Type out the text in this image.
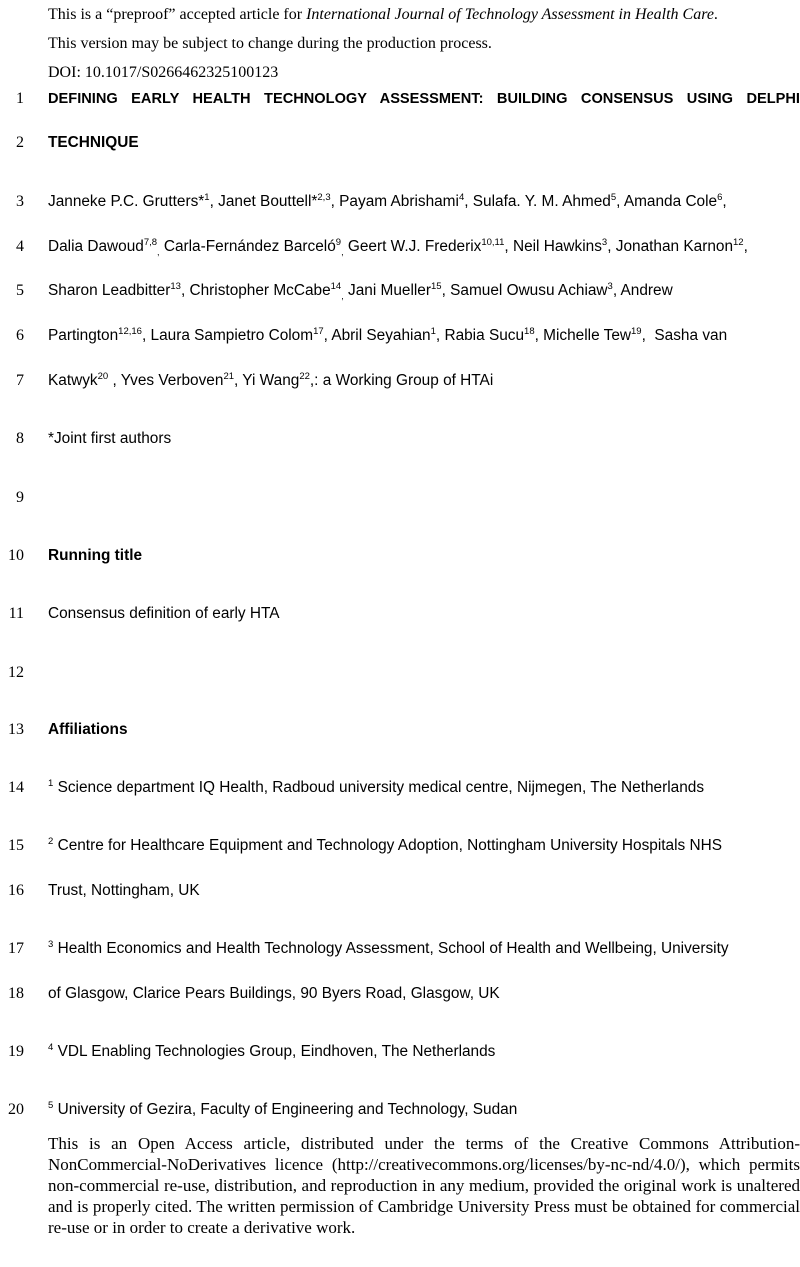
This is a “preproof” accepted article for International Journal of Technology Assessment in Health Care.
This version may be subject to change during the production process.
DOI: 10.1017/S0266462325100123
1 DEFINING EARLY HEALTH TECHNOLOGY ASSESSMENT: BUILDING CONSENSUS USING DELPHI
2 TECHNIQUE
3 Janneke P.C. Grutters*$^1$, Janet Bouttell*$^{2,3}$, Payam Abrishami$^4$, Sulafa. Y. M. Ahmed$^5$, Amanda Cole$^6$,
4 Dalia Dawoud$^{7,8}_,$ Carla-Fernández Barceló$^9_,$ Geert W.J. Frederix$^{10,11}$, Neil Hawkins$^3$, Jonathan Karnon$^{12}$,
5 Sharon Leadbitter$^{13}$, Christopher McCabe$^{14}_,$ Jani Mueller$^{15}$, Samuel Owusu Achiaw$^3$, Andrew
6 Partington$^{12,16}$, Laura Sampietro Colom$^{17}$, Abril Seyahian$^1$, Rabia Sucu$^{18}$, Michelle Tew$^{19}$,  Sasha van
7 Katwyk$^{20}$ , Yves Verboven$^{21}$, Yi Wang$^{22}$,: a Working Group of HTAi
8 *Joint first authors
9
10 Running title
11 Consensus definition of early HTA
12
13 Affiliations
14	$^1$ Science department IQ Health, Radboud university medical centre, Nijmegen, The Netherlands
15	$^2$ Centre for Healthcare Equipment and Technology Adoption, Nottingham University Hospitals NHS
16 Trust, Nottingham, UK
17	$^3$ Health Economics and Health Technology Assessment, School of Health and Wellbeing, University
18 of Glasgow, Clarice Pears Buildings, 90 Byers Road, Glasgow, UK
19	$^4$ VDL Enabling Technologies Group, Eindhoven, The Netherlands
20	$^5$ University of Gezira, Faculty of Engineering and Technology, Sudan
This is an Open Access article, distributed under the terms of the Creative Commons Attribution-NonCommercial-NoDerivatives licence (http://creativecommons.org/licenses/by-nc-nd/4.0/), which permits non-commercial re-use, distribution, and reproduction in any medium, provided the original work is unaltered and is properly cited. The written permission of Cambridge University Press must be obtained for commercial re-use or in order to create a derivative work.
